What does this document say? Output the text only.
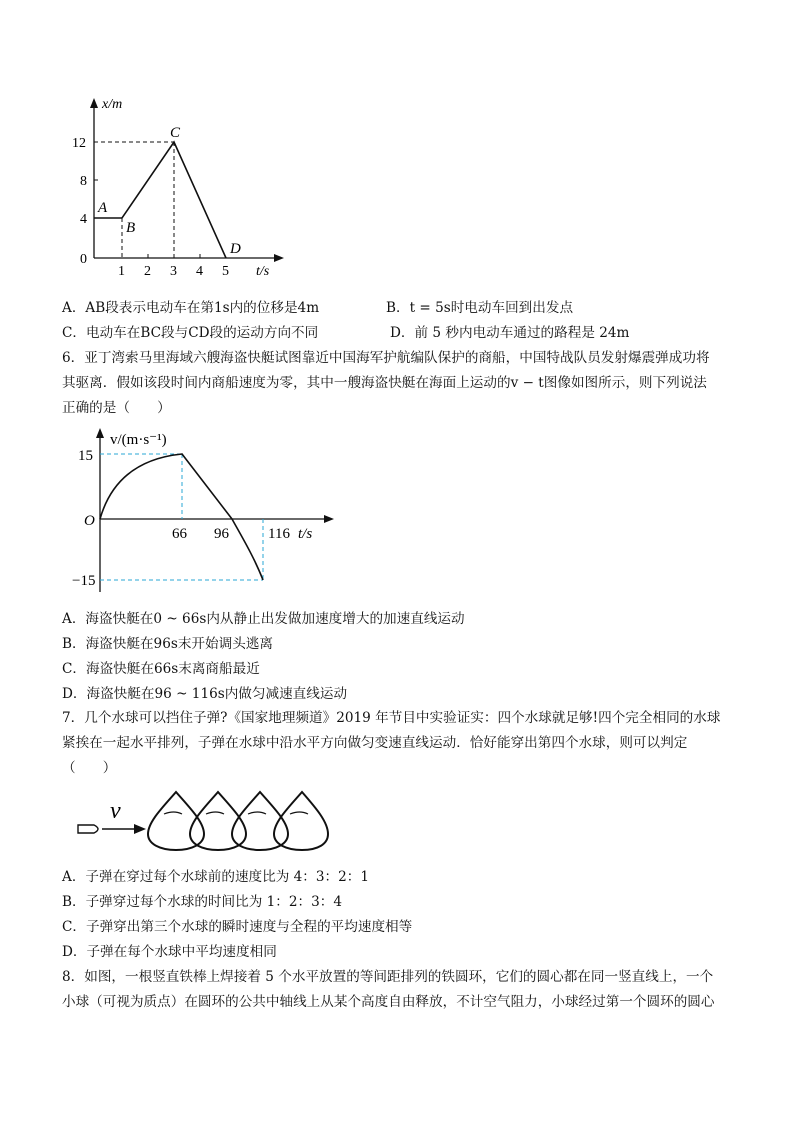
x/m
12
8
4
0
1 2 3 4 5 t/s
A
B
C
D
A．AB段表示电动车在第1s内的位移是4m	B．t = 5s时电动车回到出发点
C．电动车在BC段与CD段的运动方向不同	D．前 5 秒内电动车通过的路程是 24m
6．亚丁湾索马里海域六艘海盗快艇试图靠近中国海军护航编队保护的商船，中国特战队员发射爆震弹成功将
其驱离．假如该段时间内商船速度为零，其中一艘海盗快艇在海面上运动的v − t图像如图所示，则下列说法
正确的是（　　）
v/(m·s⁻¹)
15
O
−15
66 96	116 t/s
A．海盗快艇在0 ~ 66s内从静止出发做加速度增大的加速直线运动
B．海盗快艇在96s末开始调头逃离
C．海盗快艇在66s末离商船最近
D．海盗快艇在96 ~ 116s内做匀减速直线运动
7．几个水球可以挡住子弹?《国家地理频道》2019 年节目中实验证实：四个水球就足够!四个完全相同的水球
紧挨在一起水平排列，子弹在水球中沿水平方向做匀变速直线运动．恰好能穿出第四个水球，则可以判定
（　　）
v
A．子弹在穿过每个水球前的速度比为 4：3：2：1
B．子弹穿过每个水球的时间比为 1：2：3：4
C．子弹穿出第三个水球的瞬时速度与全程的平均速度相等
D．子弹在每个水球中平均速度相同
8．如图，一根竖直铁棒上焊接着 5 个水平放置的等间距排列的铁圆环，它们的圆心都在同一竖直线上，一个
小球（可视为质点）在圆环的公共中轴线上从某个高度自由释放，不计空气阻力，小球经过第一个圆环的圆心
